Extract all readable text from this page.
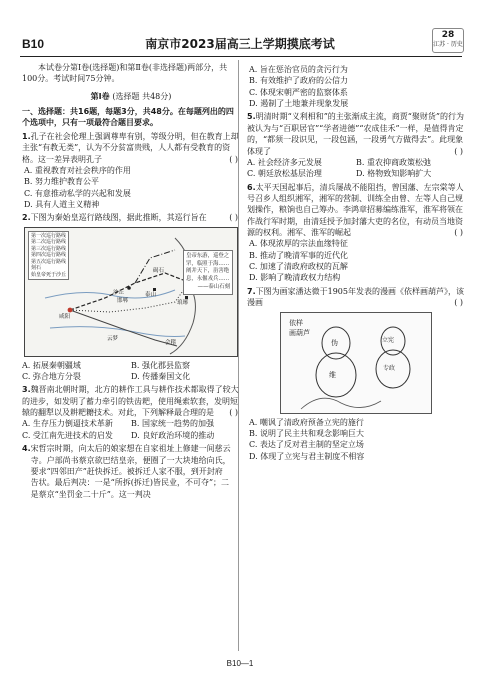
B10	南京市2023届高三上学期摸底考试
28
江苏 · 历史

本试卷分第Ⅰ卷(选择题)和第Ⅱ卷(非选择题)两部分，共100分。考试时间75分钟。

第Ⅰ卷 (选择题 共48分)

一、选择题：共16题，每题3分，共48分。在每题列出的四个选项中，只有一项最符合题目要求。

1.孔子在社会伦理上强调尊卑有别，等级分明，但在教育上却主张“有教无类”，认为不分贫富贵贱，人人都有受教育的资格。这一差异表明孔子	( )

A. 重视教育对社会秩序的作用

B. 努力维护教育公平

C. 有意推动私学的兴起和发展

D. 具有人道主义精神

2.下图为秦始皇巡行路线图，据此推断，其巡行旨在	( )

第一次巡行路线
第二次巡行路线
第三次巡行路线
第四次巡行路线
第五次巡行路线
刻石
始皇帝死于沙丘
皇帝东游，巡登之罘，临照于海……阐并天下，甾害绝息，永偃戎兵……
——泰山石刻
咸阳
沙丘
邯郸
泰山
琅琊
碣石
云梦
会稽

A. 拓展秦朝疆域	B. 强化郡县监察

C. 弥合地方分裂	D. 传播秦国文化

3.魏晋南北朝时期，北方的耕作工具与耕作技术都取得了较大的进步，如发明了蓄力牵引的铁齿耙，使用绳索软套，发明短辕的翻犁以及耕耙耱技术。对此，下列解释最合理的是 ( )

A. 生存压力倒逼技术革新	B. 国家统一趋势的加强

C. 受江南先进技术的启发	D. 良好政治环境的推动

4.宋哲宗时期，向太后的娘家想在自家祖址上修建一间慈云寺。户部尚书蔡京欲巴结皇亲，便圈了一大块地给向氏，要求“四邻田产”赶快拆迁。被拆迁人家不服，到开封府告状。最后判决：一是“所拆(拆迁)皆民业，不可夺”；二是蔡京“坐罚金二十斤”。这一判决

A. 旨在惩治官员的贪污行为

B. 有效维护了政府的公信力

C. 体现宋朝严密的监察体系

D. 遏制了土地兼并现象发展

5.明清时期“义利相和”的主张渐成主流，商贾“聚财货”的行为被认为与“百职居官”“学者进德”“农成佳禾”一样，是值得肯定的，“都须一段识见，一段包涵，一段勇气方做得去”。此现象体现了	( )

A. 社会经济多元发展	B. 重农抑商政策松弛

C. 朝廷放松基层治理	D. 格物致知影响扩大

6.太平天国起事后，清兵屡战不能阻挡，曾国藩、左宗棠等人号召乡人组织湘军，湘军的营制、训练全由曾、左等人自己规划操作，粮饷也自己筹办。李鸿章招募编练淮军，淮军将领在作战行军时期，由清廷授予加封藩大吏的名位，有动员当地资源的权利。湘军、淮军的崛起	( )

A. 体现浓厚的宗法血缘特征

B. 推动了晚清军事的近代化

C. 加速了清政府政权的瓦解

D. 影响了晚清政权力结构

7.下图为画家潘达微于1905年发表的漫画《依样画葫芦》，该漫画	( )

依样
画葫芦
伪
维
立宪
专政

A. 嘲讽了清政府预备立宪的施行

B. 说明了民主共和观念影响巨大

C. 表达了反对君主制的坚定立场

D. 体现了立宪与君主制度不相容

B10—1
